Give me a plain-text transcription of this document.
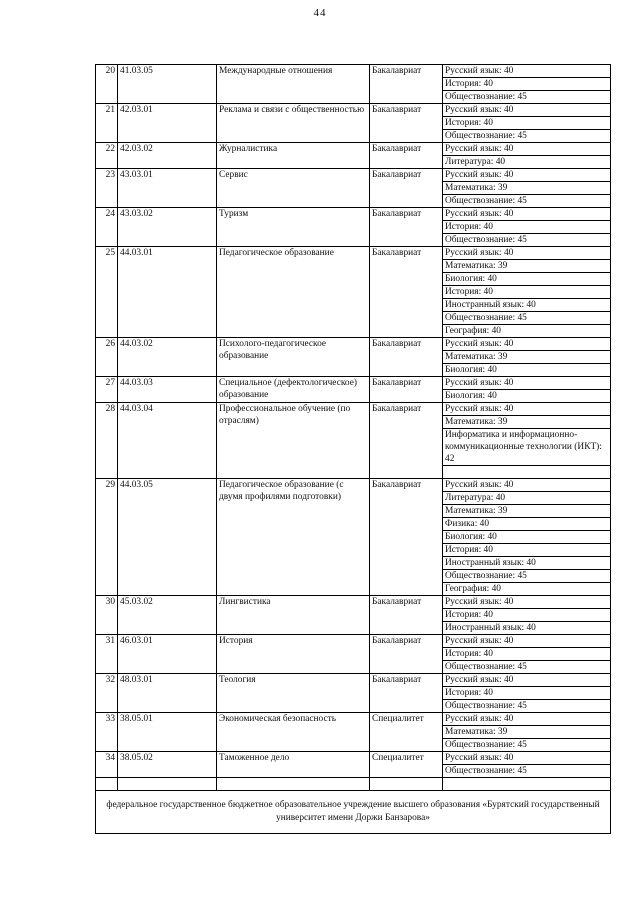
44
20	41.03.05	Международные отношения	Бакалавриат	Русский язык: 40
				История: 40
				Обществознание: 45
21	42.03.01	Реклама и связи с общественностью	Бакалавриат	Русский язык: 40
				История: 40
				Обществознание: 45
22	42.03.02	Журналистика	Бакалавриат	Русский язык: 40
				Литература: 40
23	43.03.01	Сервис	Бакалавриат	Русский язык: 40
				Математика: 39
				Обществознание: 45
24	43.03.02	Туризм	Бакалавриат	Русский язык: 40
				История: 40
				Обществознание: 45
25	44.03.01	Педагогическое образование	Бакалавриат	Русский язык: 40
				Математика: 39
				Биология: 40
				История: 40
				Иностранный язык: 40
				Обществознание: 45
				География: 40
26	44.03.02	Психолого-педагогическое образование	Бакалавриат	Русский язык: 40
				Математика: 39
				Биология: 40
27	44.03.03	Специальное (дефектологическое) образование	Бакалавриат	Русский язык: 40
				Биология: 40
28	44.03.04	Профессиональное обучение (по отраслям)	Бакалавриат	Русский язык: 40
				Математика: 39
				Информатика и информационно-коммуникационные технологии (ИКТ): 42

29	44.03.05	Педагогическое образование (с двумя профилями подготовки)	Бакалавриат	Русский язык: 40
				Литература: 40
				Математика: 39
				Физика: 40
				Биология: 40
				История: 40
				Иностранный язык: 40
				Обществознание: 45
				География: 40
30	45.03.02	Лингвистика	Бакалавриат	Русский язык: 40
				История: 40
				Иностранный язык: 40
31	46.03.01	История	Бакалавриат	Русский язык: 40
				История: 40
				Обществознание: 45
32	48.03.01	Теология	Бакалавриат	Русский язык: 40
				История: 40
				Обществознание: 45
33	38.05.01	Экономическая безопасность	Специалитет	Русский язык: 40
				Математика: 39
				Обществознание: 45
34	38.05.02	Таможенное дело	Специалитет	Русский язык: 40
				Обществознание: 45

федеральное государственное бюджетное образовательное учреждение высшего образования «Бурятский государственный университет имени Доржи Банзарова»				
